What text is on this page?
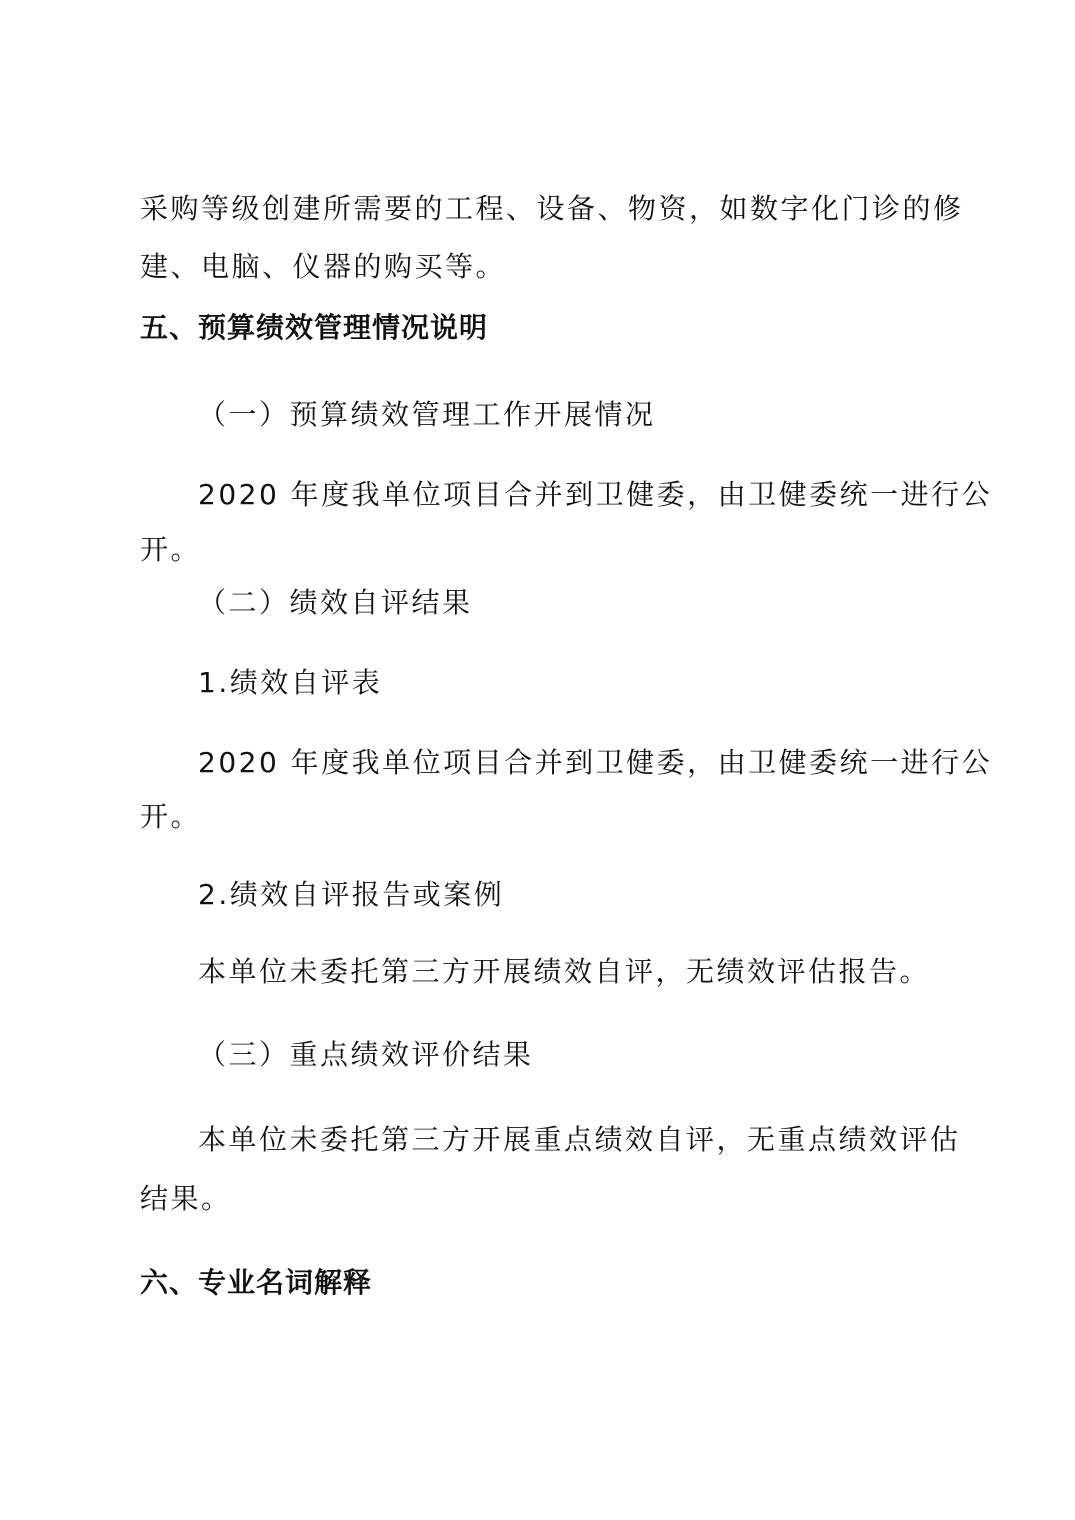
采购等级创建所需要的工程、设备、物资，如数字化门诊的修
建、电脑、仪器的购买等。
五、预算绩效管理情况说明
（一）预算绩效管理工作开展情况
2020 年度我单位项目合并到卫健委，由卫健委统一进行公
开。
（二）绩效自评结果
1.绩效自评表
2020 年度我单位项目合并到卫健委，由卫健委统一进行公
开。
2.绩效自评报告或案例
本单位未委托第三方开展绩效自评，无绩效评估报告。
（三）重点绩效评价结果
本单位未委托第三方开展重点绩效自评，无重点绩效评估
结果。
六、专业名词解释
